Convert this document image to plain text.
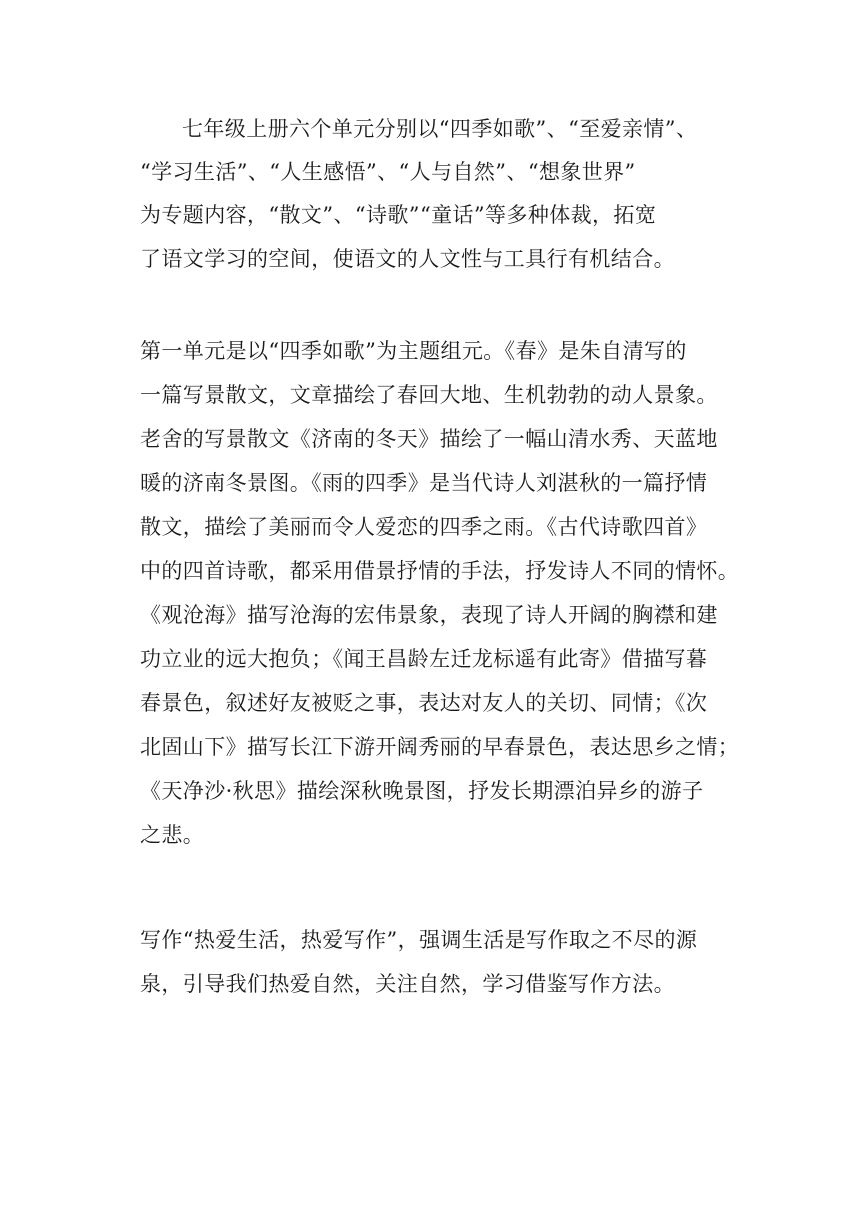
七年级上册六个单元分别以“四季如歌”、“至爱亲情”、
“学习生活”、“人生感悟”、“人与自然”、“想象世界”
为专题内容，“散文”、“诗歌”“童话”等多种体裁，拓宽
了语文学习的空间，使语文的人文性与工具行有机结合。
第一单元是以“四季如歌”为主题组元。《春》是朱自清写的
一篇写景散文，文章描绘了春回大地、生机勃勃的动人景象。
老舍的写景散文《济南的冬天》描绘了一幅山清水秀、天蓝地
暖的济南冬景图。《雨的四季》是当代诗人刘湛秋的一篇抒情
散文，描绘了美丽而令人爱恋的四季之雨。《古代诗歌四首》
中的四首诗歌，都采用借景抒情的手法，抒发诗人不同的情怀。
《观沧海》描写沧海的宏伟景象，表现了诗人开阔的胸襟和建
功立业的远大抱负；《闻王昌龄左迁龙标遥有此寄》借描写暮
春景色，叙述好友被贬之事，表达对友人的关切、同情；《次
北固山下》描写长江下游开阔秀丽的早春景色，表达思乡之情；
《天净沙·秋思》描绘深秋晚景图，抒发长期漂泊异乡的游子
之悲。
写作“热爱生活，热爱写作”，强调生活是写作取之不尽的源
泉，引导我们热爱自然，关注自然，学习借鉴写作方法。
